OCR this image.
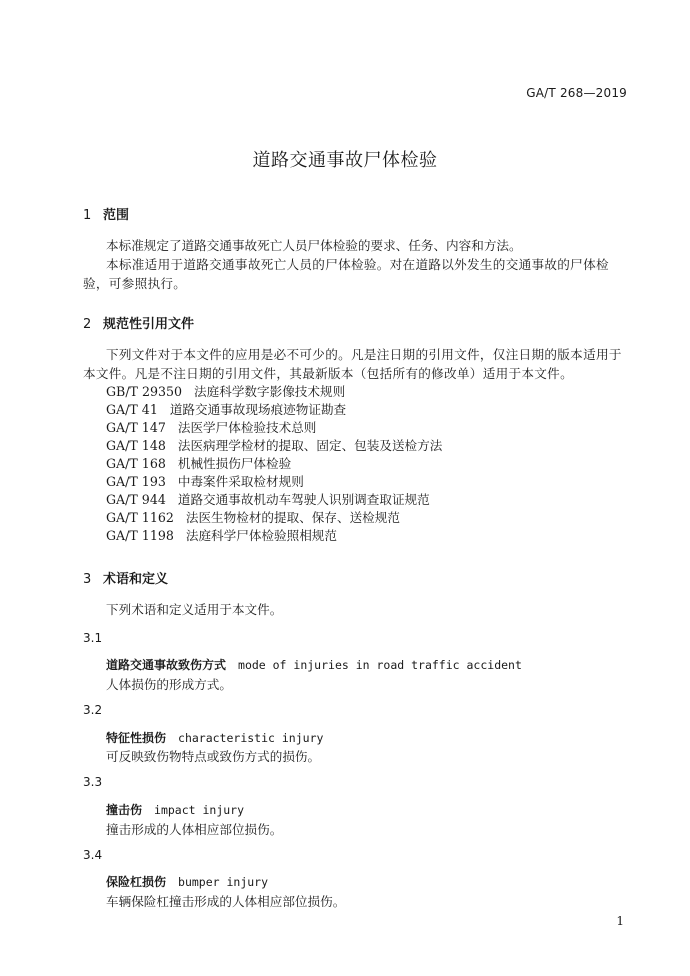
GA/T 268—2019
道路交通事故尸体检验
1 范围
本标准规定了道路交通事故死亡人员尸体检验的要求、任务、内容和方法。
本标准适用于道路交通事故死亡人员的尸体检验。对在道路以外发生的交通事故的尸体检验，可参照执行。
2 规范性引用文件
下列文件对于本文件的应用是必不可少的。凡是注日期的引用文件，仅注日期的版本适用于本文件。凡是不注日期的引用文件，其最新版本（包括所有的修改单）适用于本文件。
GB/T 29350 法庭科学数字影像技术规则
GA/T 41 道路交通事故现场痕迹物证勘查
GA/T 147 法医学尸体检验技术总则
GA/T 148 法医病理学检材的提取、固定、包装及送检方法
GA/T 168 机械性损伤尸体检验
GA/T 193 中毒案件采取检材规则
GA/T 944 道路交通事故机动车驾驶人识别调查取证规范
GA/T 1162 法医生物检材的提取、保存、送检规范
GA/T 1198 法庭科学尸体检验照相规范
3 术语和定义
下列术语和定义适用于本文件。
3.1
道路交通事故致伤方式 mode of injuries in road traffic accident
人体损伤的形成方式。
3.2
特征性损伤 characteristic injury
可反映致伤物特点或致伤方式的损伤。
3.3
撞击伤 impact injury
撞击形成的人体相应部位损伤。
3.4
保险杠损伤 bumper injury
车辆保险杠撞击形成的人体相应部位损伤。
1
